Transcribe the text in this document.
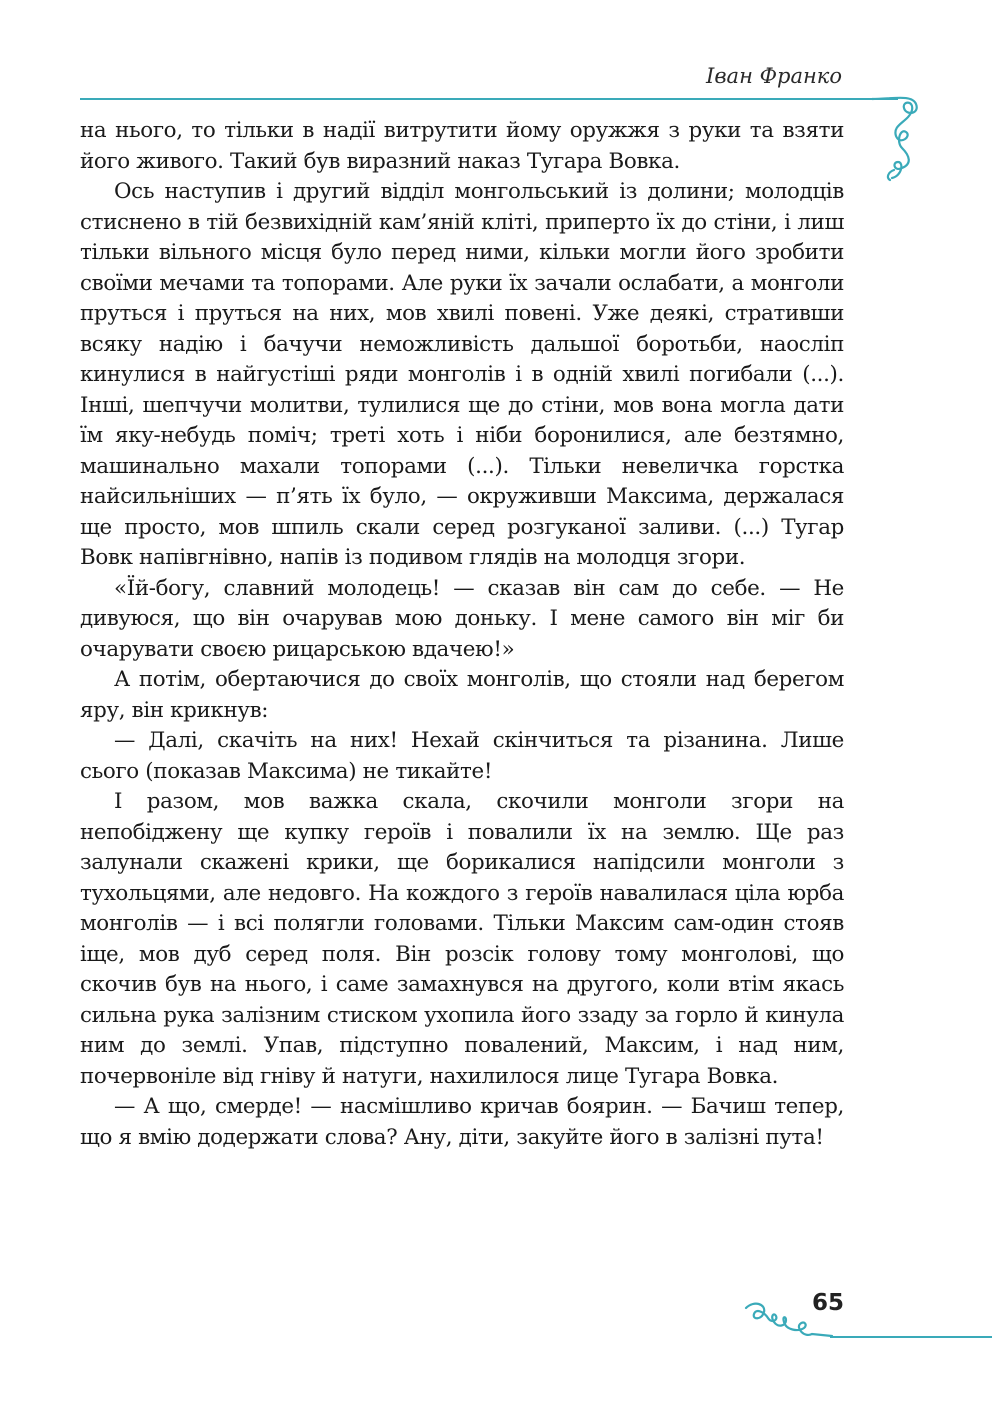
Іван Франко

на нього, то тільки в надії витрутити йому оружжя з руки та взяти його живого. Такий був виразний наказ Тугара Вовка.

Ось наступив і другий відділ монгольський із долини; молодців стиснено в тій безвихідній кам’яній кліті, приперто їх до стіни, і лиш тільки вільного місця було перед ними, кільки могли його зробити своїми мечами та топорами. Але руки їх зачали ослабати, а монголи пруться і пруться на них, мов хвилі повені. Уже деякі, стративши всяку надію і бачучи неможливість дальшої боротьби, наосліп кинулися в найгустіші ряди монголів і в одній хвилі погибали (...). Інші, шепчучи молитви, тулилися ще до стіни, мов вона могла дати їм яку-небудь поміч; треті хоть і ніби боронилися, але безтямно, машинально махали топорами (...). Тільки невеличка горстка найсильніших — п’ять їх було, — окруживши Максима, держалася ще просто, мов шпиль скали серед розгуканої заливи. (...) Тугар Вовк напівгнівно, напів із подивом глядів на молодця згори.

«Їй-богу, славний молодець! — сказав він сам до себе. — Не дивуюся, що він очарував мою доньку. І мене самого він міг би очарувати своєю рицарською вдачею!»

А потім, обертаючися до своїх монголів, що стояли над берегом яру, він крикнув:

— Далі, скачіть на них! Нехай скінчиться та різанина. Лише сього (показав Максима) не тикайте!

І разом, мов важка скала, скочили монголи згори на непобіджену ще купку героїв і повалили їх на землю. Ще раз залунали скажені крики, ще борикалися напідсили монголи з тухольцями, але недовго. На кождого з героїв навалилася ціла юрба монголів — і всі полягли головами. Тільки Максим сам-один стояв іще, мов дуб серед поля. Він розсік голову тому монголові, що скочив був на нього, і саме замахнувся на другого, коли втім якась сильна рука залізним стиском ухопила його ззаду за горло й кинула ним до землі. Упав, підступно повалений, Максим, і над ним, почервоніле від гніву й натуги, нахилилося лице Тугара Вовка.

— А що, смерде! — насмішливо кричав боярин. — Бачиш тепер, що я вмію додержати слова? Ану, діти, закуйте його в залізні пута!

65
